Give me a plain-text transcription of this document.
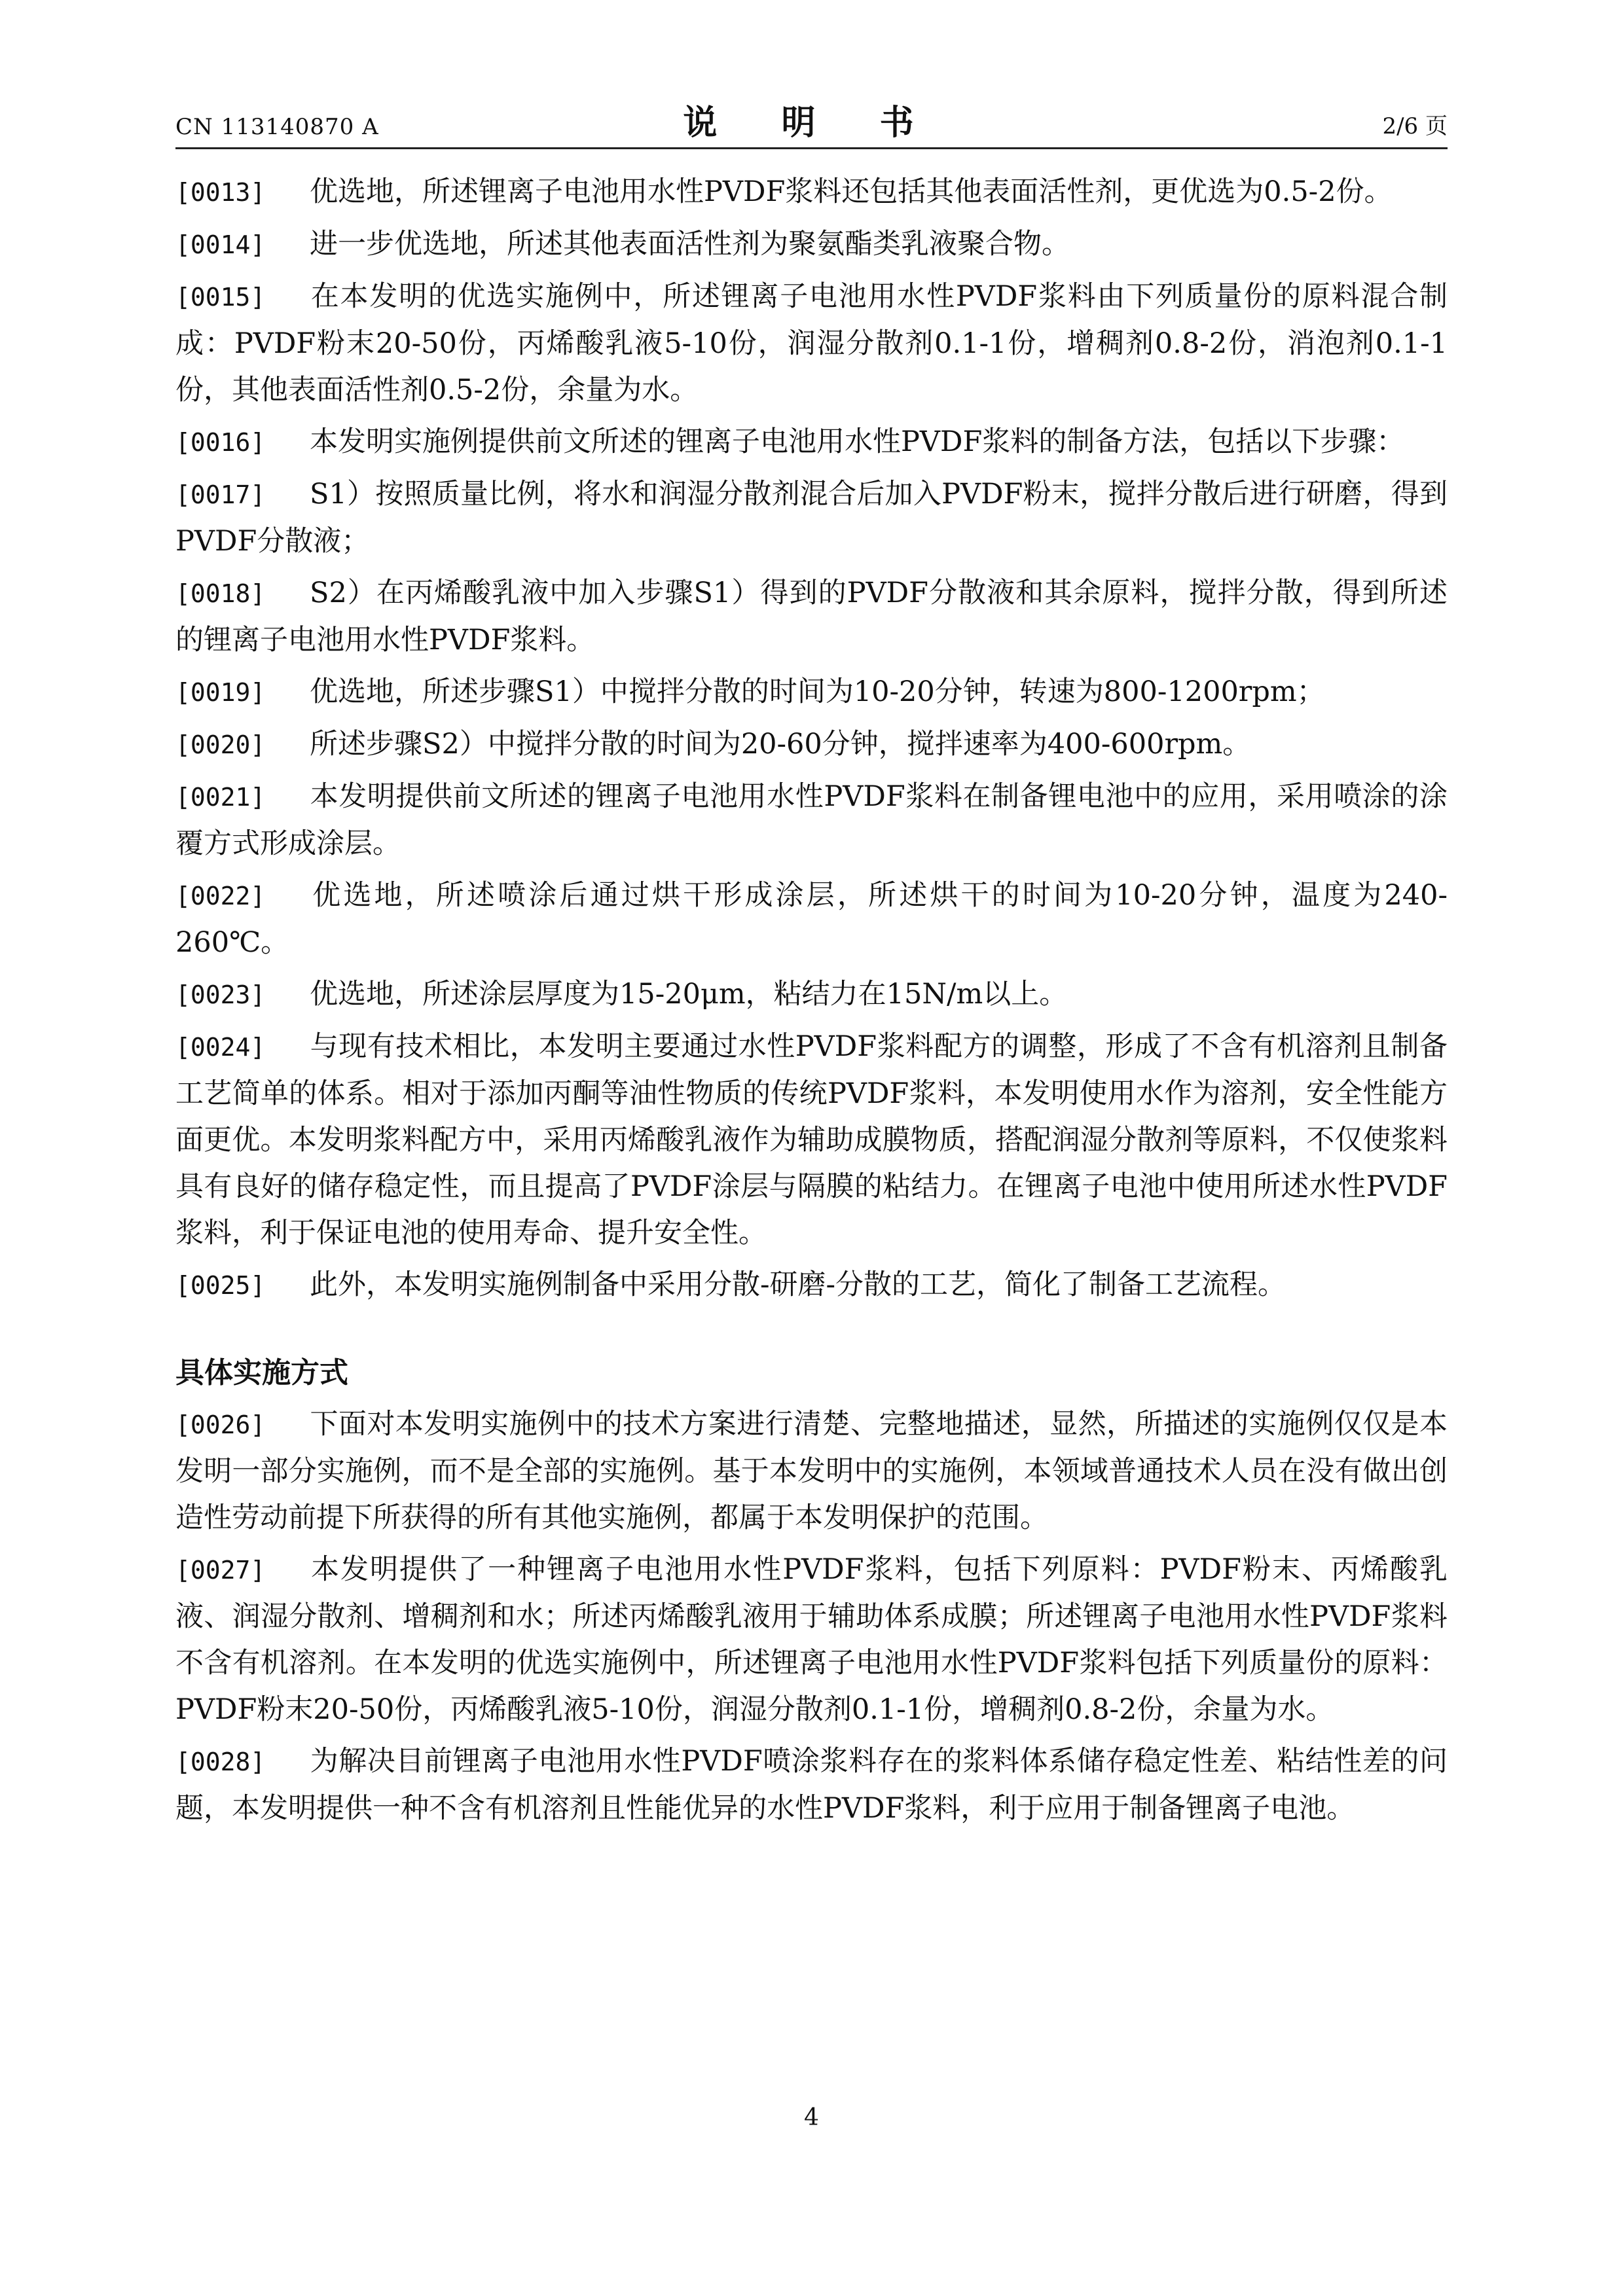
CN 113140870 A	说 明 书	2/6 页

[0013] 优选地，所述锂离子电池用水性PVDF浆料还包括其他表面活性剂，更优选为0.5-2份。

[0014] 进一步优选地，所述其他表面活性剂为聚氨酯类乳液聚合物。

[0015] 在本发明的优选实施例中，所述锂离子电池用水性PVDF浆料由下列质量份的原料混合制成：PVDF粉末20-50份，丙烯酸乳液5-10份，润湿分散剂0.1-1份，增稠剂0.8-2份，消泡剂0.1-1份，其他表面活性剂0.5-2份，余量为水。

[0016] 本发明实施例提供前文所述的锂离子电池用水性PVDF浆料的制备方法，包括以下步骤：

[0017] S1）按照质量比例，将水和润湿分散剂混合后加入PVDF粉末，搅拌分散后进行研磨，得到PVDF分散液；

[0018] S2）在丙烯酸乳液中加入步骤S1）得到的PVDF分散液和其余原料，搅拌分散，得到所述的锂离子电池用水性PVDF浆料。

[0019] 优选地，所述步骤S1）中搅拌分散的时间为10-20分钟，转速为800-1200rpm；

[0020] 所述步骤S2）中搅拌分散的时间为20-60分钟，搅拌速率为400-600rpm。

[0021] 本发明提供前文所述的锂离子电池用水性PVDF浆料在制备锂电池中的应用，采用喷涂的涂覆方式形成涂层。

[0022] 优选地，所述喷涂后通过烘干形成涂层，所述烘干的时间为10-20分钟，温度为240-260℃。

[0023] 优选地，所述涂层厚度为15-20μm，粘结力在15N/m以上。

[0024] 与现有技术相比，本发明主要通过水性PVDF浆料配方的调整，形成了不含有机溶剂且制备工艺简单的体系。相对于添加丙酮等油性物质的传统PVDF浆料，本发明使用水作为溶剂，安全性能方面更优。本发明浆料配方中，采用丙烯酸乳液作为辅助成膜物质，搭配润湿分散剂等原料，不仅使浆料具有良好的储存稳定性，而且提高了PVDF涂层与隔膜的粘结力。在锂离子电池中使用所述水性PVDF浆料，利于保证电池的使用寿命、提升安全性。

[0025] 此外，本发明实施例制备中采用分散-研磨-分散的工艺，简化了制备工艺流程。

具体实施方式

[0026] 下面对本发明实施例中的技术方案进行清楚、完整地描述，显然，所描述的实施例仅仅是本发明一部分实施例，而不是全部的实施例。基于本发明中的实施例，本领域普通技术人员在没有做出创造性劳动前提下所获得的所有其他实施例，都属于本发明保护的范围。

[0027] 本发明提供了一种锂离子电池用水性PVDF浆料，包括下列原料：PVDF粉末、丙烯酸乳液、润湿分散剂、增稠剂和水；所述丙烯酸乳液用于辅助体系成膜；所述锂离子电池用水性PVDF浆料不含有机溶剂。在本发明的优选实施例中，所述锂离子电池用水性PVDF浆料包括下列质量份的原料：PVDF粉末20-50份，丙烯酸乳液5-10份，润湿分散剂0.1-1份，增稠剂0.8-2份，余量为水。

[0028] 为解决目前锂离子电池用水性PVDF喷涂浆料存在的浆料体系储存稳定性差、粘结性差的问题，本发明提供一种不含有机溶剂且性能优异的水性PVDF浆料，利于应用于制备锂离子电池。

4
